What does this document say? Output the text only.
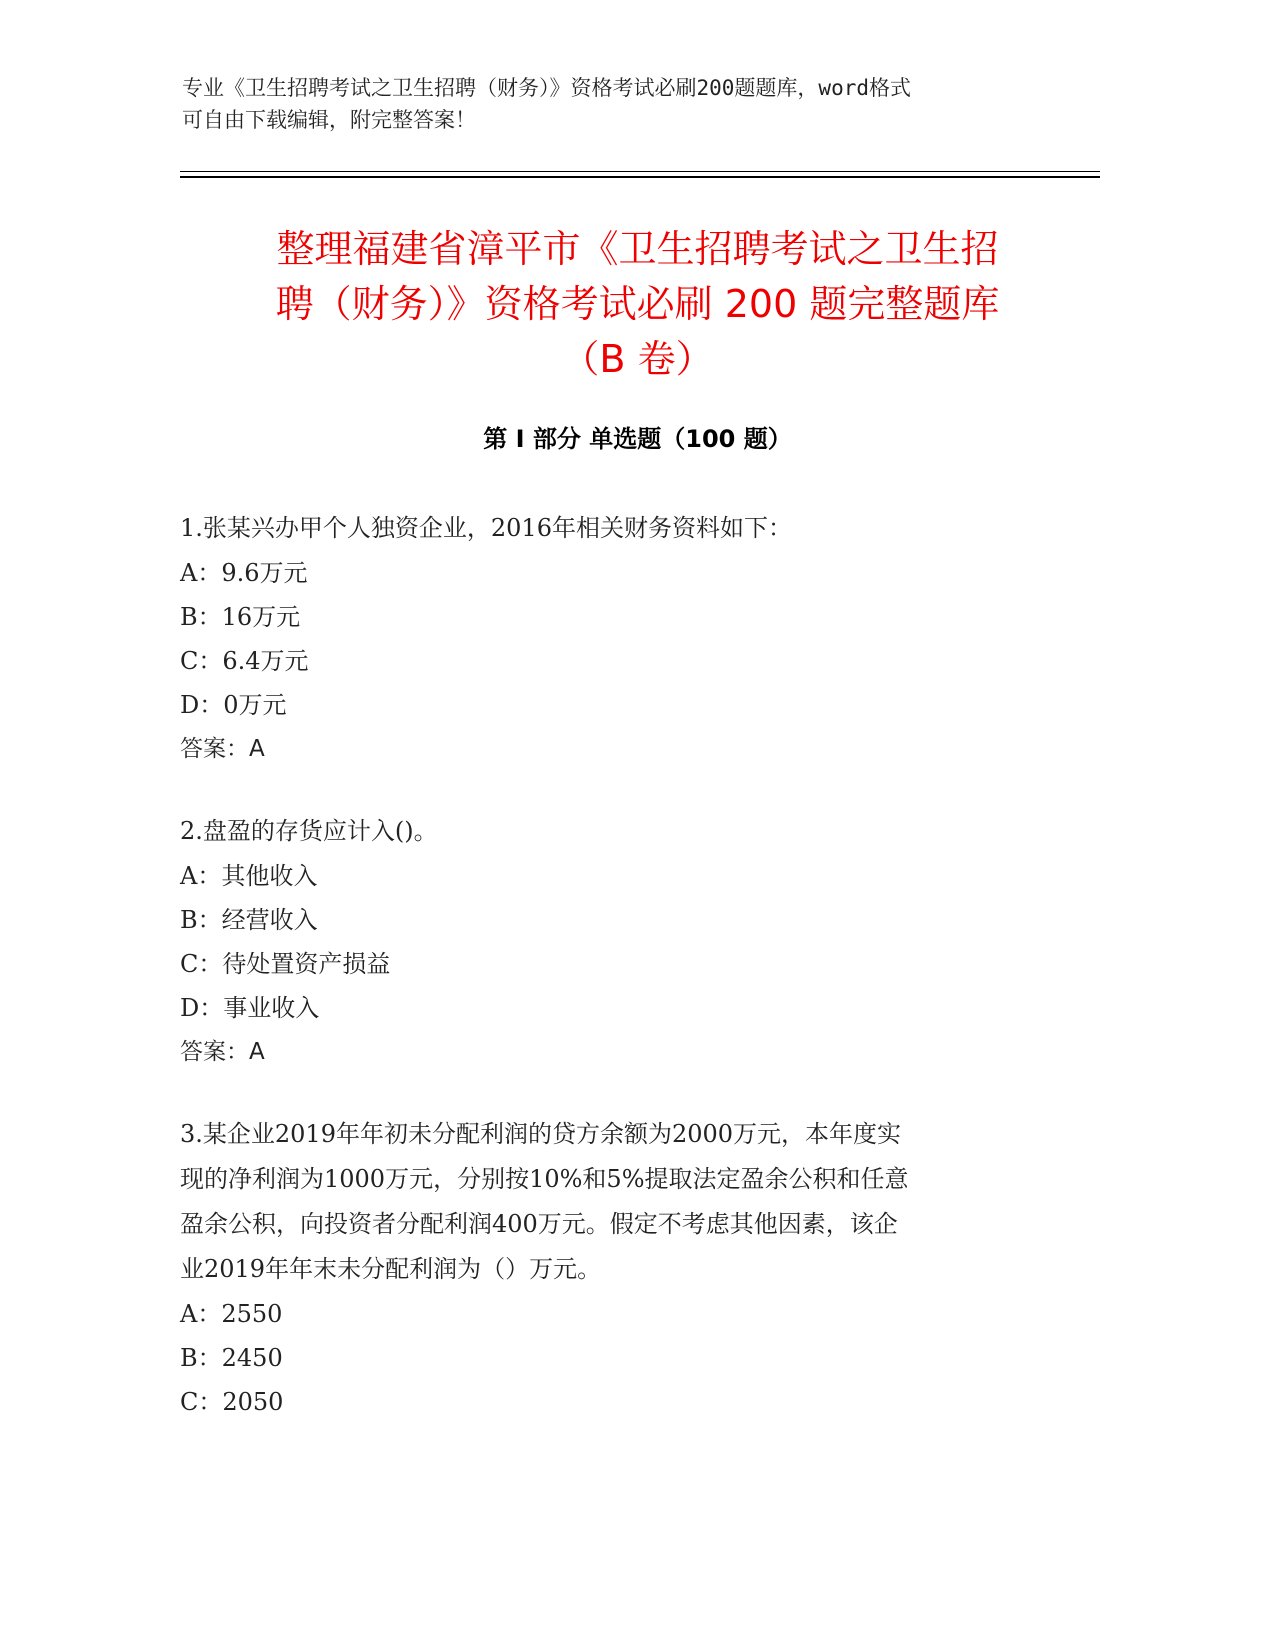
专业《卫生招聘考试之卫生招聘（财务）》资格考试必刷200题题库，word格式
可自由下载编辑，附完整答案！
整理福建省漳平市《卫生招聘考试之卫生招
聘（财务）》资格考试必刷 200 题完整题库
（B 卷）
第 I 部分 单选题（100 题）

1.张某兴办甲个人独资企业，2016年相关财务资料如下：

A：9.6万元

B：16万元

C：6.4万元

D：0万元

答案：A

2.盘盈的存货应计入()。

A：其他收入

B：经营收入

C：待处置资产损益

D：事业收入

答案：A

3.某企业2019年年初未分配利润的贷方余额为2000万元，本年度实

现的净利润为1000万元，分别按10%和5%提取法定盈余公积和任意

盈余公积，向投资者分配利润400万元。假定不考虑其他因素，该企

业2019年年末未分配利润为（）万元。

A：2550

B：2450

C：2050
